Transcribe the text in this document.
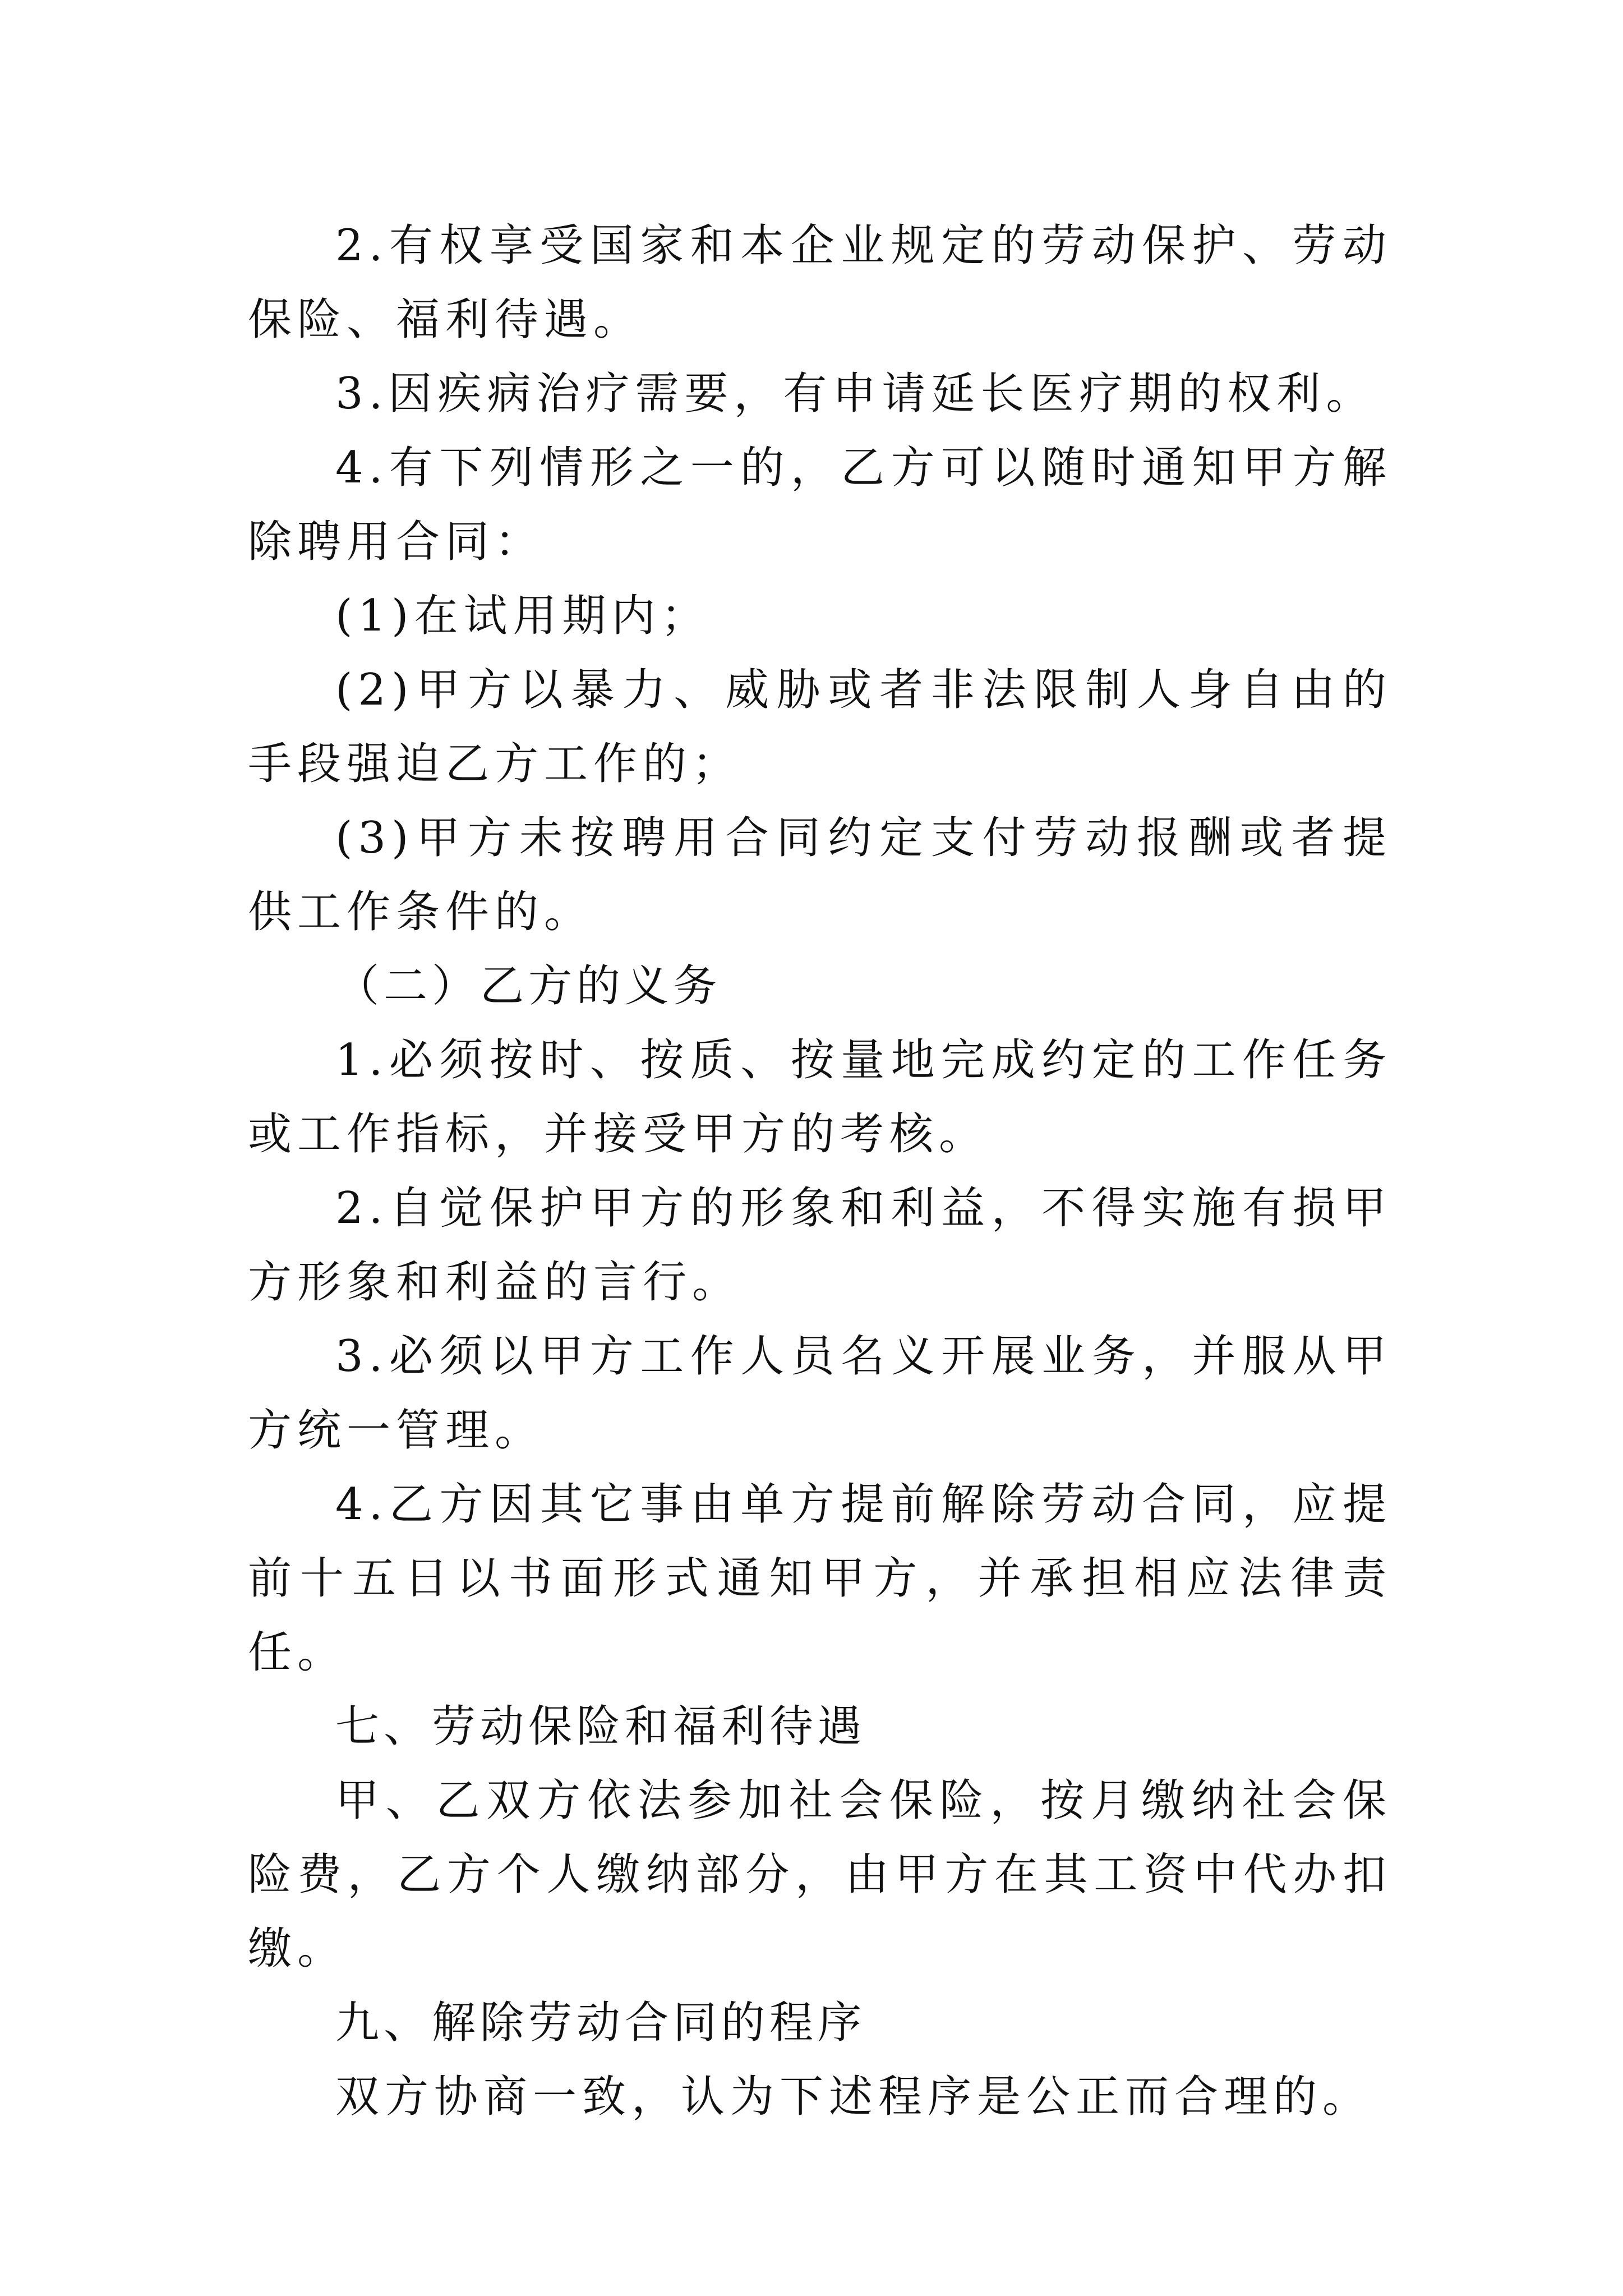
2.有权享受国家和本企业规定的劳动保护、劳动保险、福利待遇。

3.因疾病治疗需要，有申请延长医疗期的权利。

4.有下列情形之一的，乙方可以随时通知甲方解除聘用合同：

(1)在试用期内；

(2)甲方以暴力、威胁或者非法限制人身自由的手段强迫乙方工作的；

(3)甲方未按聘用合同约定支付劳动报酬或者提供工作条件的。

（二）乙方的义务

1.必须按时、按质、按量地完成约定的工作任务或工作指标，并接受甲方的考核。

2.自觉保护甲方的形象和利益，不得实施有损甲方形象和利益的言行。

3.必须以甲方工作人员名义开展业务，并服从甲方统一管理。

4.乙方因其它事由单方提前解除劳动合同，应提前十五日以书面形式通知甲方，并承担相应法律责任。

七、劳动保险和福利待遇

甲、乙双方依法参加社会保险，按月缴纳社会保险费，乙方个人缴纳部分，由甲方在其工资中代办扣缴。

九、解除劳动合同的程序

双方协商一致，认为下述程序是公正而合理的。
